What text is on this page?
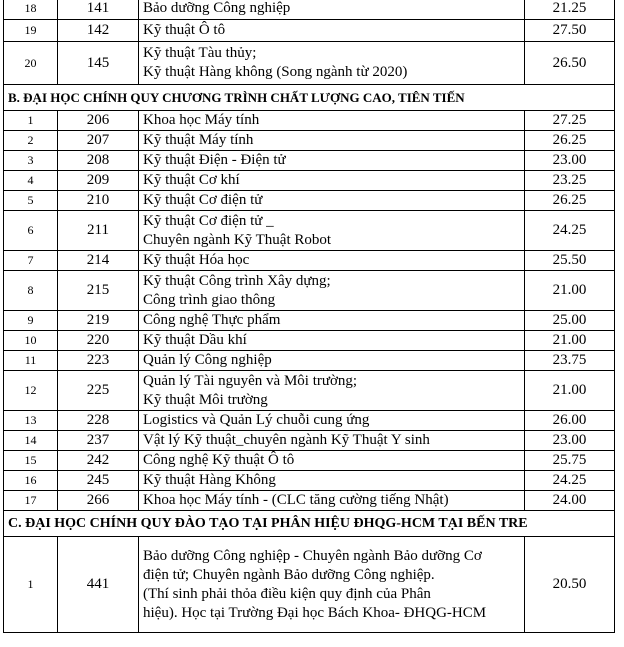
18	141	Bảo dưỡng Công nghiệp	21.25
19	142	Kỹ thuật Ô tô	27.50
20	145	Kỹ thuật Tàu thủy;
Kỹ thuật Hàng không (Song ngành từ 2020)	26.50
B. ĐẠI HỌC CHÍNH QUY CHƯƠNG TRÌNH CHẤT LƯỢNG CAO, TIÊN TIẾN			
1	206	Khoa học Máy tính	27.25
2	207	Kỹ thuật Máy tính	26.25
3	208	Kỹ thuật Điện - Điện tử	23.00
4	209	Kỹ thuật Cơ khí	23.25
5	210	Kỹ thuật Cơ điện tử	26.25
6	211	Kỹ thuật Cơ điện tử _
Chuyên ngành Kỹ Thuật Robot	24.25
7	214	Kỹ thuật Hóa học	25.50
8	215	Kỹ thuật Công trình Xây dựng;
Công trình giao thông	21.00
9	219	Công nghệ Thực phẩm	25.00
10	220	Kỹ thuật Dầu khí	21.00
11	223	Quản lý Công nghiệp	23.75
12	225	Quản lý Tài nguyên và Môi trường;
Kỹ thuật Môi trường	21.00
13	228	Logistics và Quản Lý chuỗi cung ứng	26.00
14	237	Vật lý Kỹ thuật_chuyên ngành Kỹ Thuật Y sinh	23.00
15	242	Công nghệ Kỹ thuật Ô tô	25.75
16	245	Kỹ thuật Hàng Không	24.25
17	266	Khoa học Máy tính - (CLC tăng cường tiếng Nhật)	24.00
C. ĐẠI HỌC CHÍNH QUY ĐÀO TẠO TẠI PHÂN HIỆU ĐHQG-HCM TẠI BẾN TRE			
1	441	Bảo dưỡng Công nghiệp - Chuyên ngành Bảo dưỡng Cơ
điện tử; Chuyên ngành Bảo dưỡng Công nghiệp.
(Thí sinh phải thỏa điều kiện quy định của Phân
hiệu). Học tại Trường Đại học Bách Khoa- ĐHQG-HCM	20.50
